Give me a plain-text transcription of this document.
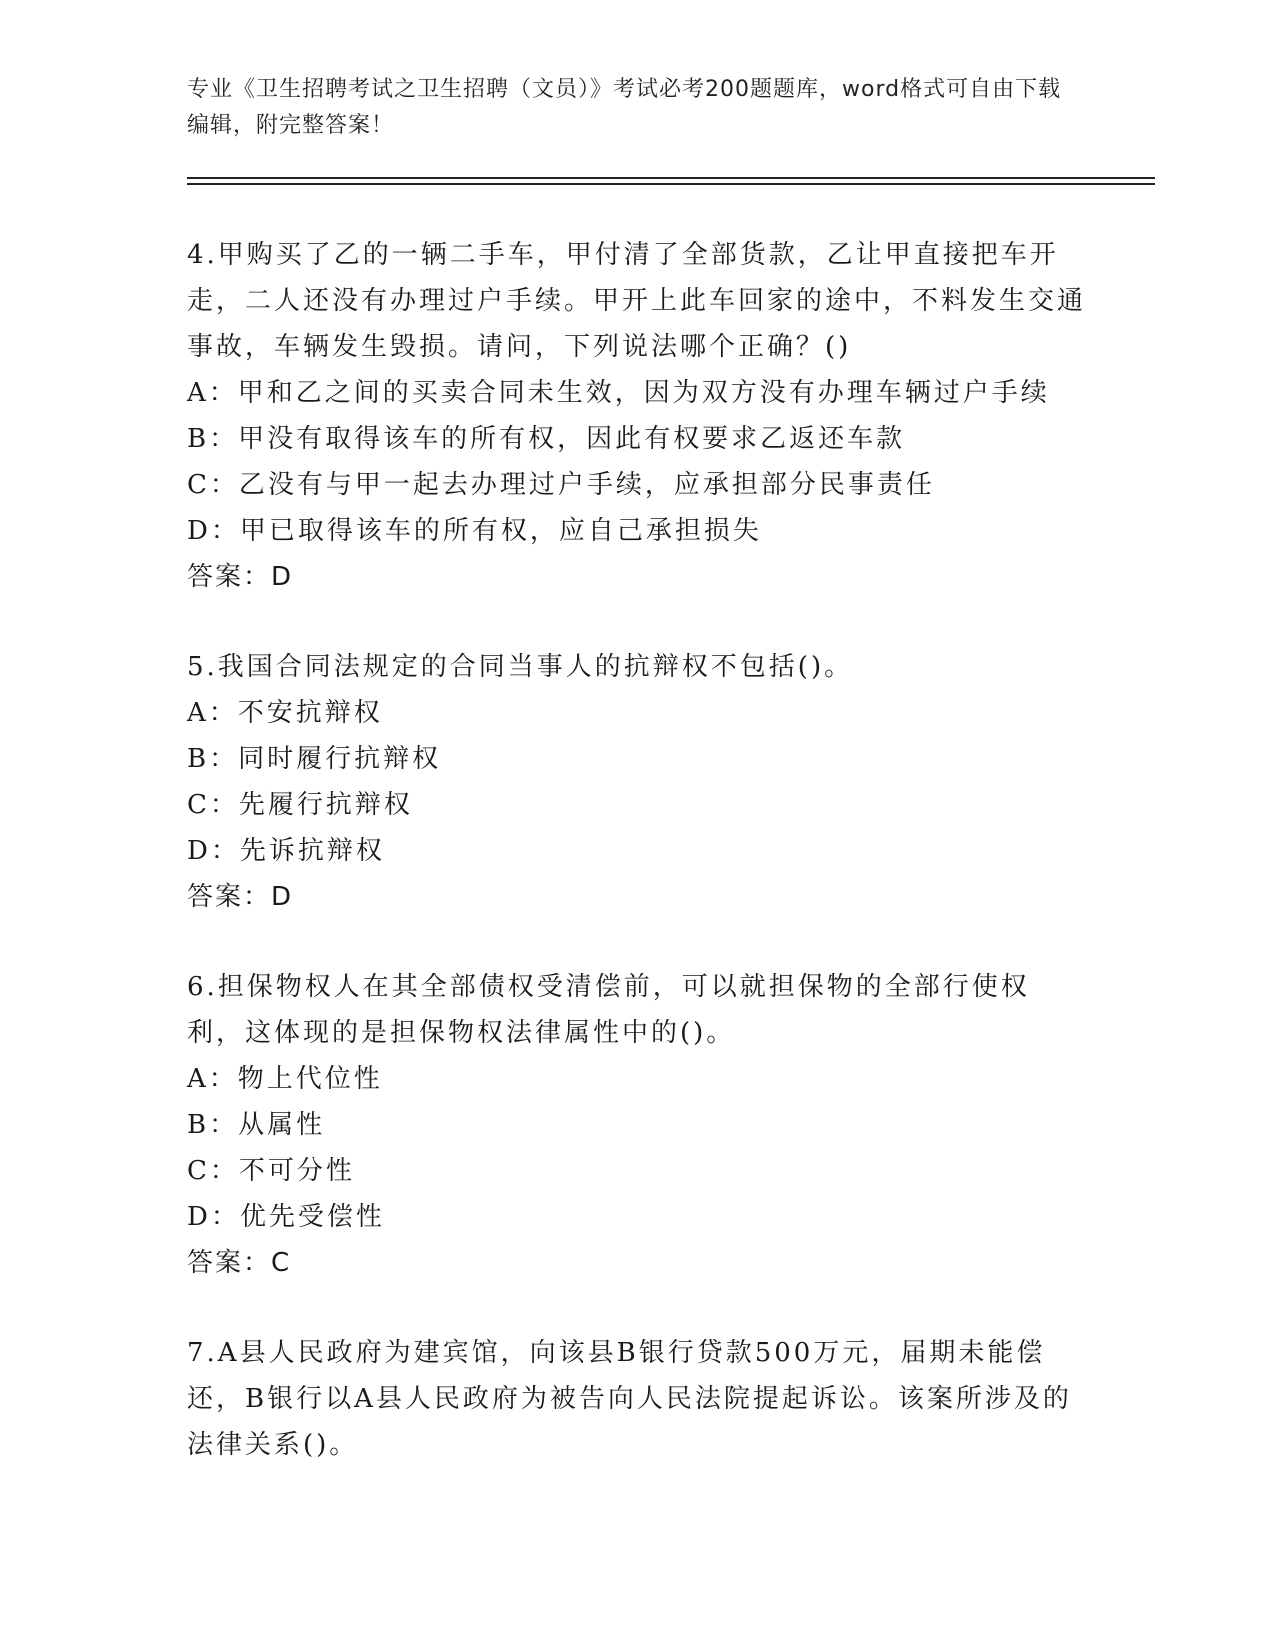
专业《卫生招聘考试之卫生招聘（文员）》考试必考200题题库，word格式可自由下载编辑，附完整答案！

4.甲购买了乙的一辆二手车，甲付清了全部货款，乙让甲直接把车开走，二人还没有办理过户手续。甲开上此车回家的途中，不料发生交通事故，车辆发生毁损。请问，下列说法哪个正确？()

A：甲和乙之间的买卖合同未生效，因为双方没有办理车辆过户手续

B：甲没有取得该车的所有权，因此有权要求乙返还车款

C：乙没有与甲一起去办理过户手续，应承担部分民事责任

D：甲已取得该车的所有权，应自己承担损失

答案：D

5.我国合同法规定的合同当事人的抗辩权不包括()。

A：不安抗辩权

B：同时履行抗辩权

C：先履行抗辩权

D：先诉抗辩权

答案：D

6.担保物权人在其全部债权受清偿前，可以就担保物的全部行使权利，这体现的是担保物权法律属性中的()。

A：物上代位性

B：从属性

C：不可分性

D：优先受偿性

答案：C

7.A县人民政府为建宾馆，向该县B银行贷款500万元，届期未能偿还，B银行以A县人民政府为被告向人民法院提起诉讼。该案所涉及的法律关系()。
